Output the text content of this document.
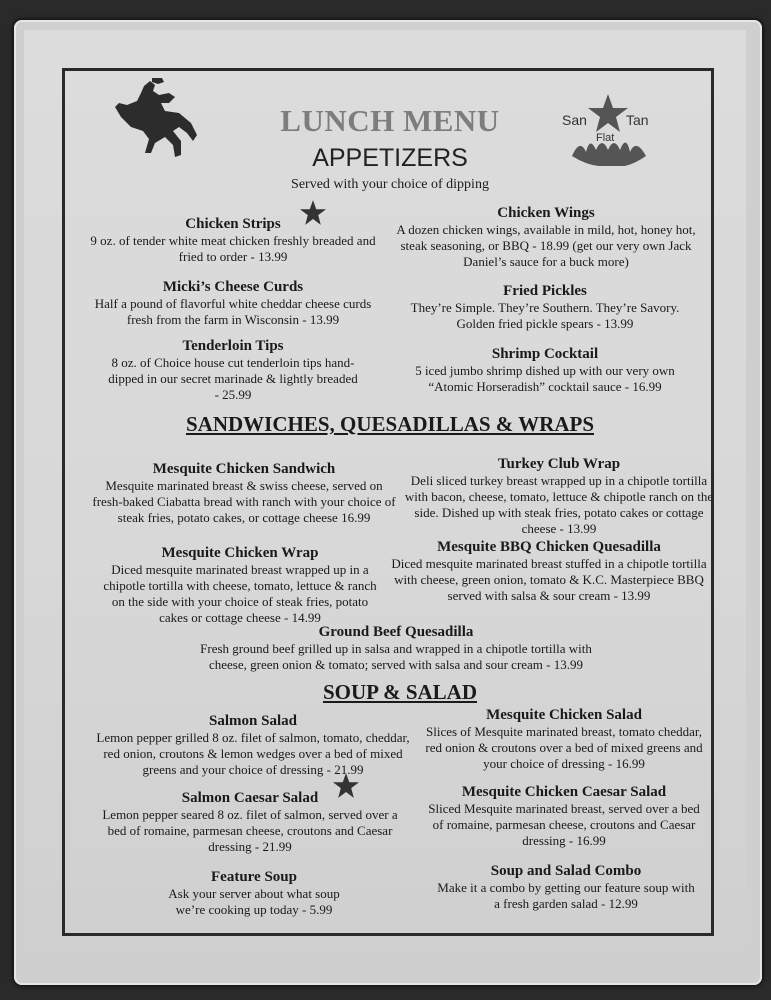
San	Tan
Flat
LUNCH MENU
APPETIZERS
Served with your choice of dipping
Chicken Strips
9 oz. of tender white meat chicken freshly breaded and fried to order - 13.99
Micki’s Cheese Curds
Half a pound of flavorful white cheddar cheese curds fresh from the farm in Wisconsin - 13.99
Tenderloin Tips
8 oz. of Choice house cut tenderloin tips hand-dipped in our secret marinade & lightly breaded - 25.99
Chicken Wings
A dozen chicken wings, available in mild, hot, honey hot, steak seasoning, or BBQ - 18.99 (get our very own Jack Daniel’s sauce for a buck more)
Fried Pickles
They’re Simple. They’re Southern. They’re Savory. Golden fried pickle spears - 13.99
Shrimp Cocktail
5 iced jumbo shrimp dished up with our very own “Atomic Horseradish” cocktail sauce - 16.99
SANDWICHES, QUESADILLAS & WRAPS
Mesquite Chicken Sandwich
Mesquite marinated breast & swiss cheese, served on fresh-baked Ciabatta bread with ranch with your choice of steak fries, potato cakes, or cottage cheese 16.99
Mesquite Chicken Wrap
Diced mesquite marinated breast wrapped up in a chipotle tortilla with cheese, tomato, lettuce & ranch on the side with your choice of steak fries, potato cakes or cottage cheese - 14.99
Turkey Club Wrap
Deli sliced turkey breast wrapped up in a chipotle tortilla with bacon, cheese, tomato, lettuce & chipotle ranch on the side. Dished up with steak fries, potato cakes or cottage cheese - 13.99
Mesquite BBQ Chicken Quesadilla
Diced mesquite marinated breast stuffed in a chipotle tortilla with cheese, green onion, tomato & K.C. Masterpiece BBQ served with salsa & sour cream - 13.99
Ground Beef Quesadilla
Fresh ground beef grilled up in salsa and wrapped in a chipotle tortilla with cheese, green onion & tomato; served with salsa and sour cream - 13.99
SOUP & SALAD
Salmon Salad
Lemon pepper grilled 8 oz. filet of salmon, tomato, cheddar, red onion, croutons & lemon wedges over a bed of mixed greens and your choice of dressing - 21.99
Salmon Caesar Salad
Lemon pepper seared 8 oz. filet of salmon, served over a bed of romaine, parmesan cheese, croutons and Caesar dressing - 21.99
Feature Soup
Ask your server about what soup we’re cooking up today - 5.99
Mesquite Chicken Salad
Slices of Mesquite marinated breast, tomato cheddar, red onion & croutons over a bed of mixed greens and your choice of dressing - 16.99
Mesquite Chicken Caesar Salad
Sliced Mesquite marinated breast, served over a bed of romaine, parmesan cheese, croutons and Caesar dressing - 16.99
Soup and Salad Combo
Make it a combo by getting our feature soup with a fresh garden salad - 12.99
